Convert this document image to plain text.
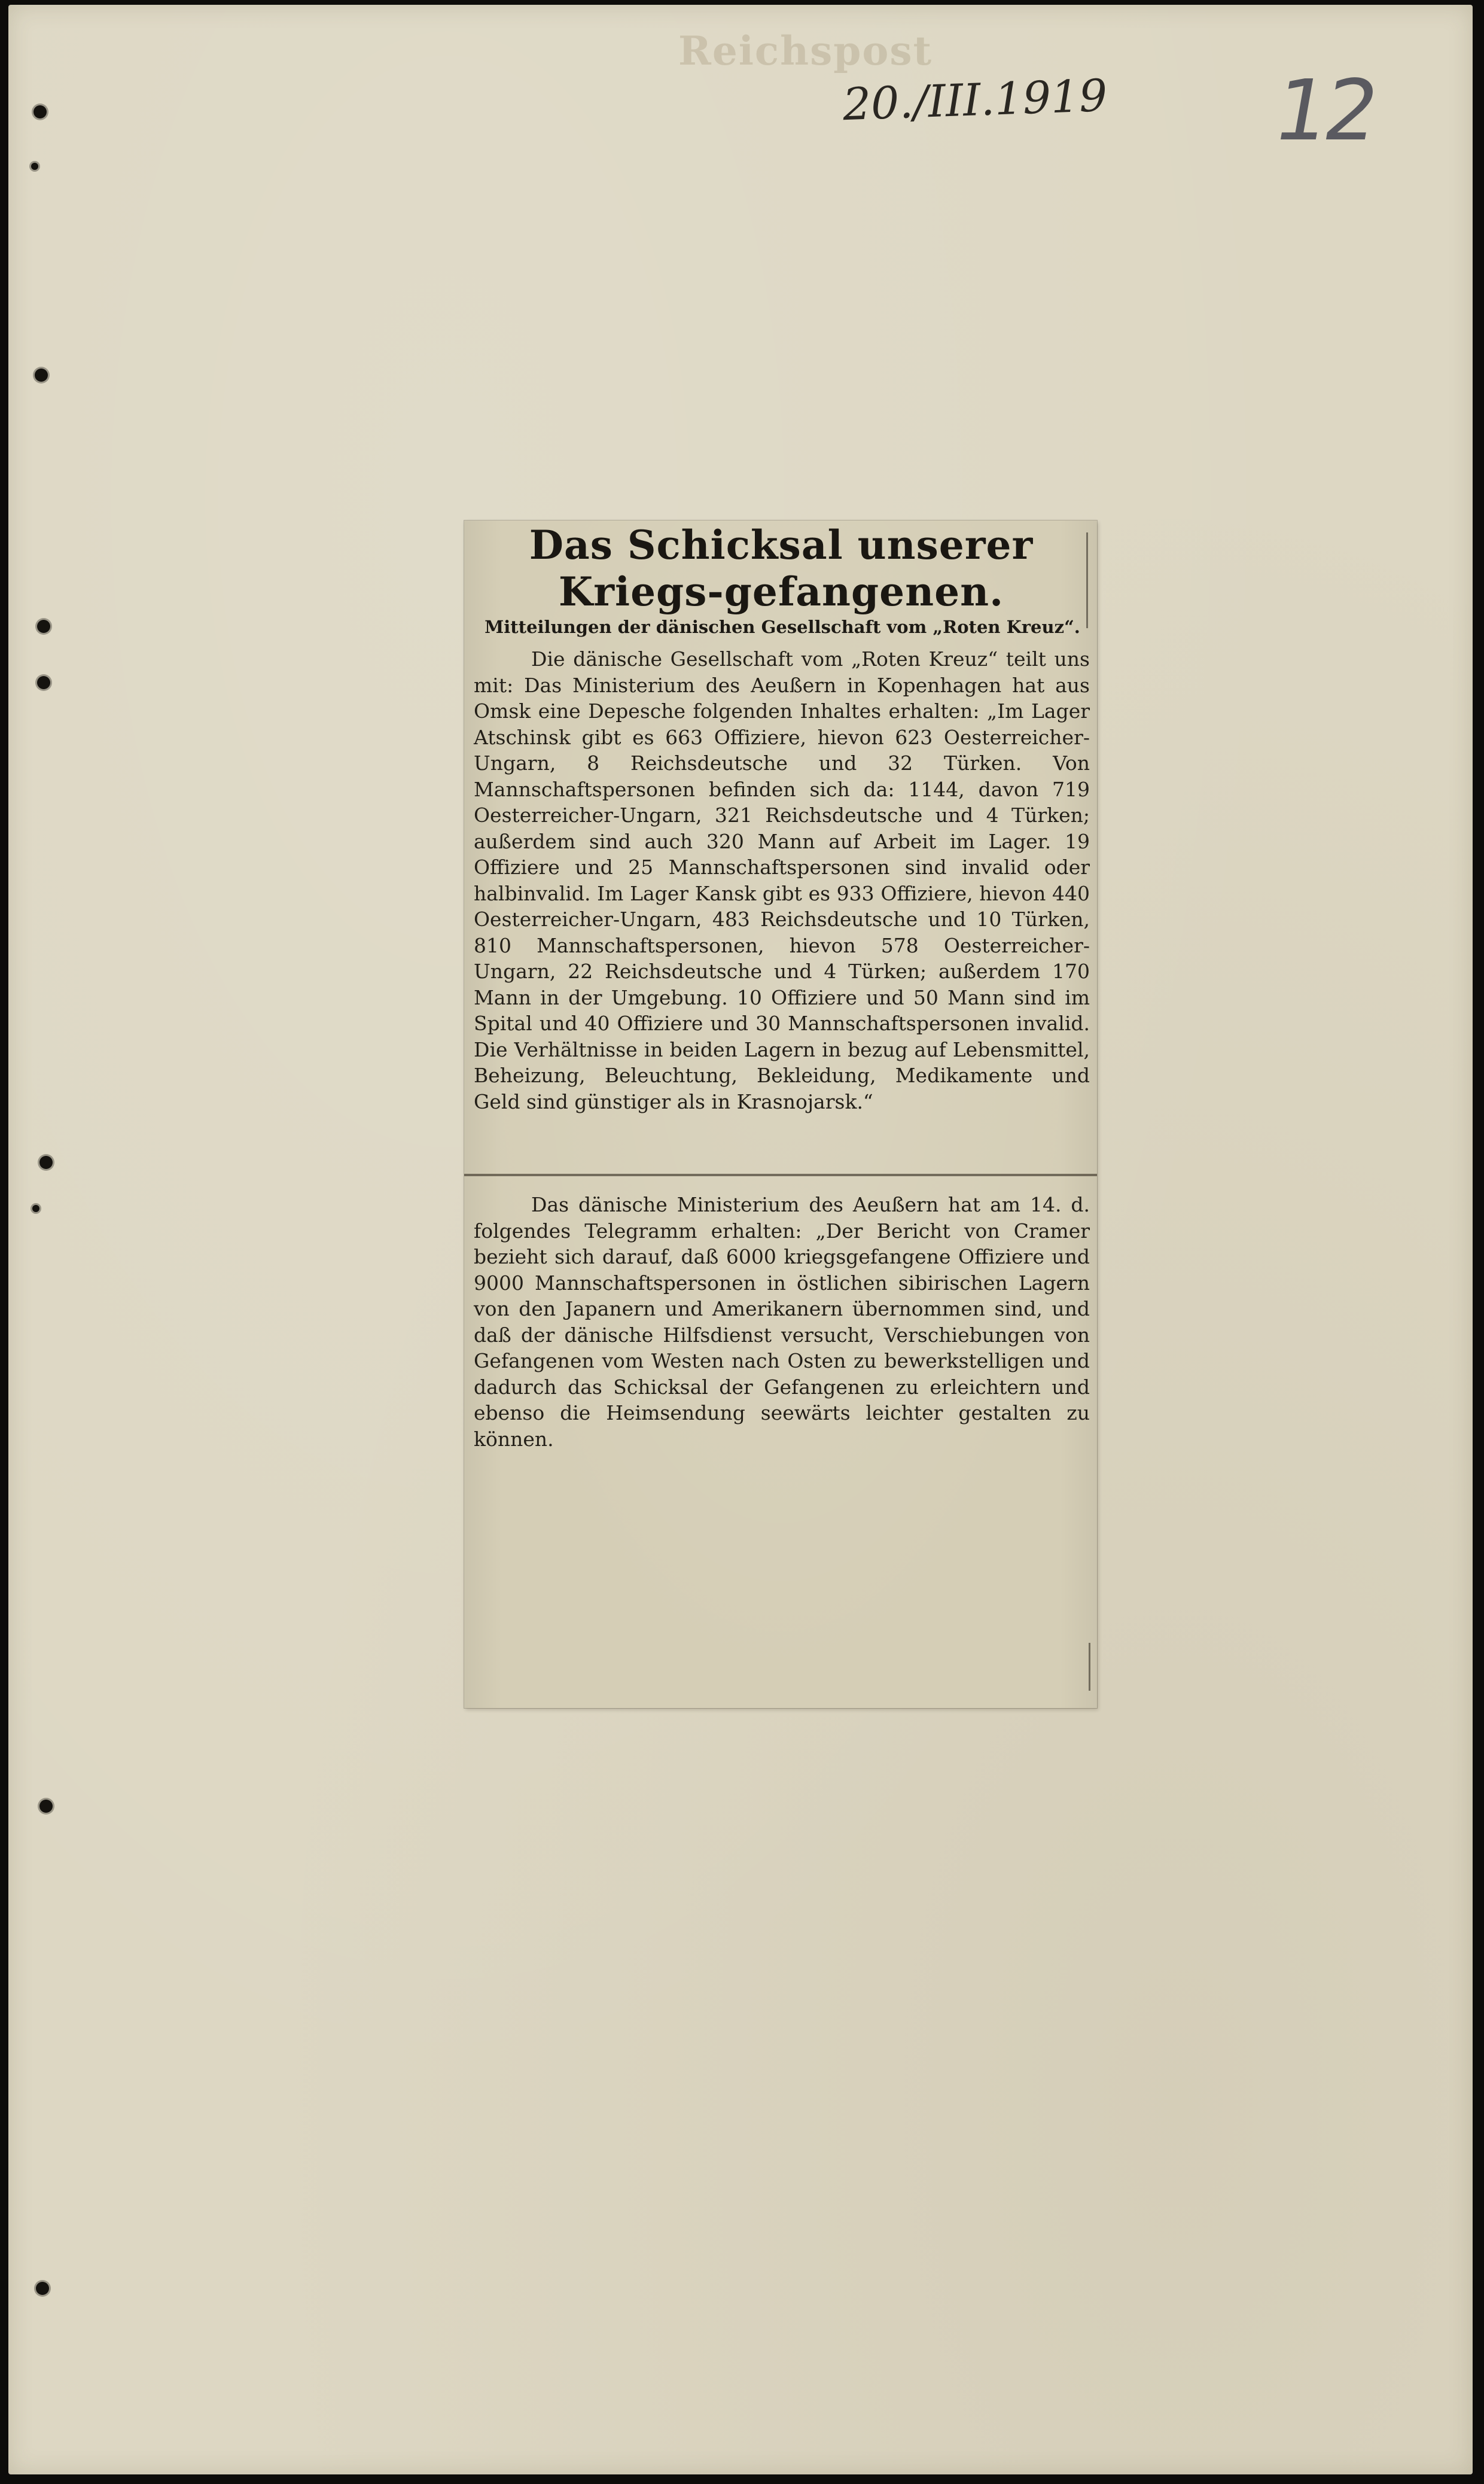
Reichspost
20./III.1919 12
Das Schicksal unserer Kriegs-gefangenen.
Mitteilungen der dänischen Gesellschaft vom „Roten Kreuz“.

Die dänische Gesellschaft vom „Roten Kreuz“ teilt uns mit: Das Ministerium des Aeußern in Kopenhagen hat aus Omsk eine Depesche folgenden Inhaltes erhalten: „Im Lager Atschinsk gibt es 663 Offiziere, hievon 623 Oesterreicher-Ungarn, 8 Reichsdeutsche und 32 Türken. Von Mannschaftspersonen befinden sich da: 1144, davon 719 Oesterreicher-Ungarn, 321 Reichsdeutsche und 4 Türken; außerdem sind auch 320 Mann auf Arbeit im Lager. 19 Offiziere und 25 Mannschaftspersonen sind invalid oder halbinvalid. Im Lager Kansk gibt es 933 Offiziere, hievon 440 Oesterreicher-Ungarn, 483 Reichsdeutsche und 10 Türken, 810 Mannschaftspersonen, hievon 578 Oesterreicher-Ungarn, 22 Reichsdeutsche und 4 Türken; außerdem 170 Mann in der Umgebung. 10 Offiziere und 50 Mann sind im Spital und 40 Offiziere und 30 Mannschaftspersonen invalid. Die Verhältnisse in beiden Lagern in bezug auf Lebensmittel, Beheizung, Beleuchtung, Bekleidung, Medikamente und Geld sind günstiger als in Krasnojarsk.“

Das dänische Ministerium des Aeußern hat am 14. d. folgendes Telegramm erhalten: „Der Bericht von Cramer bezieht sich darauf, daß 6000 kriegsgefangene Offiziere und 9000 Mannschaftspersonen in östlichen sibirischen Lagern von den Japanern und Amerikanern übernommen sind, und daß der dänische Hilfsdienst versucht, Verschiebungen von Gefangenen vom Westen nach Osten zu bewerkstelligen und dadurch das Schicksal der Gefangenen zu erleichtern und ebenso die Heimsendung seewärts leichter gestalten zu können.
